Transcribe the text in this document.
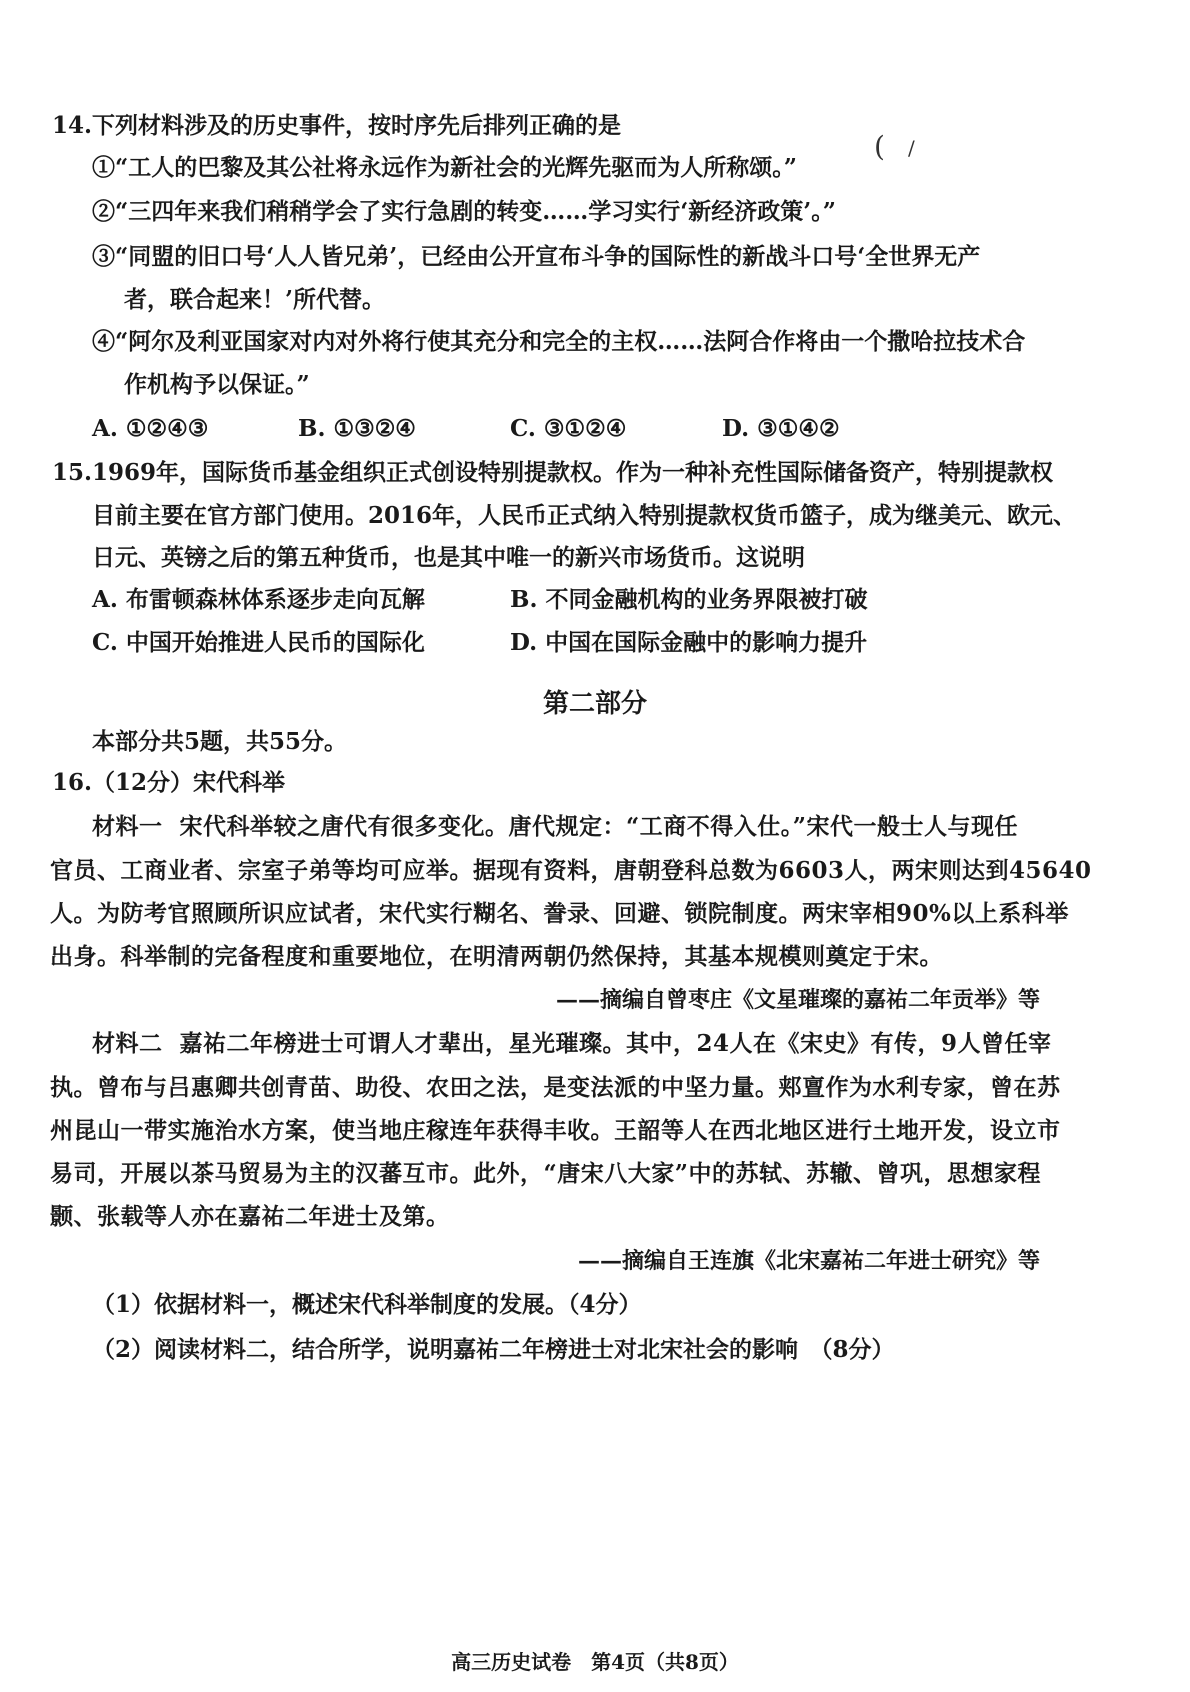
14.下列材料涉及的历史事件，按时序先后排列正确的是
①“工人的巴黎及其公社将永远作为新社会的光辉先驱而为人所称颂。”
②“三四年来我们稍稍学会了实行急剧的转变……学习实行‘新经济政策’。”
③“同盟的旧口号‘人人皆兄弟’，已经由公开宣布斗争的国际性的新战斗口号‘全世界无产
者，联合起来！’所代替。
④“阿尔及利亚国家对内对外将行使其充分和完全的主权……法阿合作将由一个撒哈拉技术合
作机构予以保证。”
A. ①②④③	B. ①③②④	C. ③①②④	D. ③①④②
( /
15.1969年，国际货币基金组织正式创设特别提款权。作为一种补充性国际储备资产，特别提款权
目前主要在官方部门使用。2016年，人民币正式纳入特别提款权货币篮子，成为继美元、欧元、
日元、英镑之后的第五种货币，也是其中唯一的新兴市场货币。这说明
A. 布雷顿森林体系逐步走向瓦解	B. 不同金融机构的业务界限被打破
C. 中国开始推进人民币的国际化	D. 中国在国际金融中的影响力提升
第二部分
本部分共5题，共55分。
16.（12分）宋代科举
材料一 宋代科举较之唐代有很多变化。唐代规定：“工商不得入仕。”宋代一般士人与现任
官员、工商业者、宗室子弟等均可应举。据现有资料，唐朝登科总数为6603人，两宋则达到45640
人。为防考官照顾所识应试者，宋代实行糊名、誊录、回避、锁院制度。两宋宰相90%以上系科举
出身。科举制的完备程度和重要地位，在明清两朝仍然保持，其基本规模则奠定于宋。
——摘编自曾枣庄《文星璀璨的嘉祐二年贡举》等
材料二 嘉祐二年榜进士可谓人才辈出，星光璀璨。其中，24人在《宋史》有传，9人曾任宰
执。曾布与吕惠卿共创青苗、助役、农田之法，是变法派的中坚力量。郏亶作为水利专家，曾在苏
州昆山一带实施治水方案，使当地庄稼连年获得丰收。王韶等人在西北地区进行土地开发，设立市
易司，开展以茶马贸易为主的汉蕃互市。此外，“唐宋八大家”中的苏轼、苏辙、曾巩，思想家程
颢、张载等人亦在嘉祐二年进士及第。
——摘编自王连旗《北宋嘉祐二年进士研究》等
（1）依据材料一，概述宋代科举制度的发展。（4分）
（2）阅读材料二，结合所学，说明嘉祐二年榜进士对北宋社会的影响　（8分）
高三历史试卷　第4页（共8页）
